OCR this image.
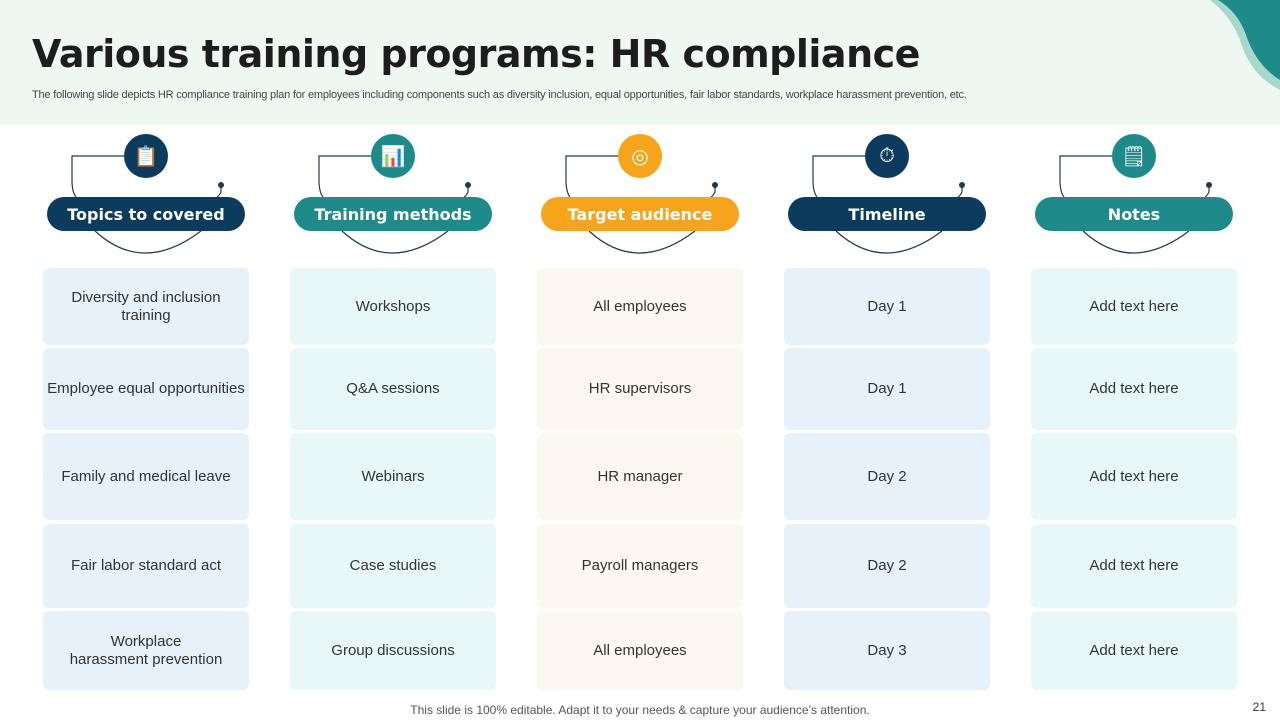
Various training programs: HR compliance
The following slide depicts HR compliance training plan for employees including components such as diversity inclusion, equal opportunities, fair labor standards, workplace harassment prevention, etc.
📋
Topics to covered
Diversity and inclusion training
Employee equal opportunities
Family and medical leave
Fair labor standard act
Workplace
harassment prevention
📊
Training methods
Workshops
Q&A sessions
Webinars
Case studies
Group discussions
◎
Target audience
All employees
HR supervisors
HR manager
Payroll managers
All employees
⏱
Timeline
Day 1
Day 1
Day 2
Day 2
Day 3
🗒
Notes
Add text here
Add text here
Add text here
Add text here
Add text here
This slide is 100% editable. Adapt it to your needs & capture your audience’s attention.	21
